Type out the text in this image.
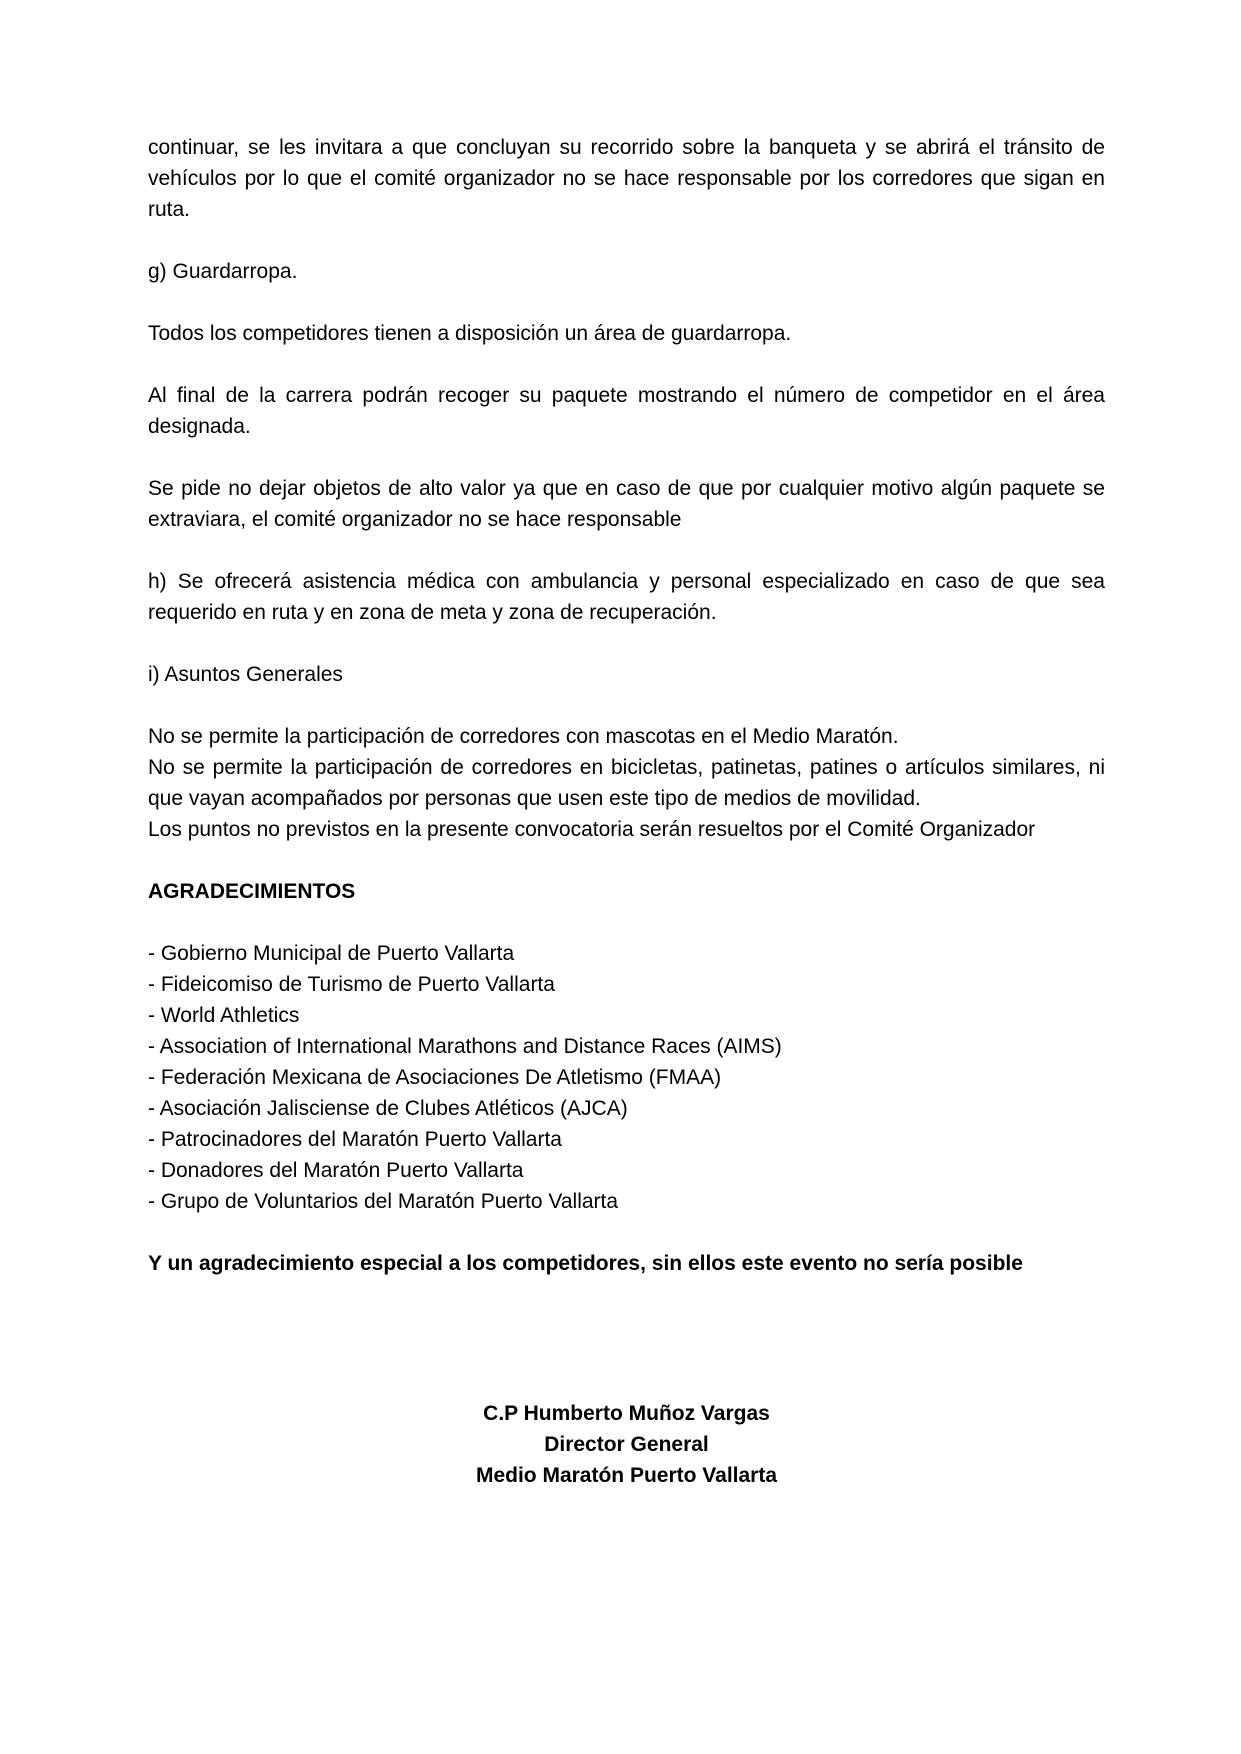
continuar, se les invitara a que concluyan su recorrido sobre la banqueta y se abrirá el tránsito de vehículos por lo que el comité organizador no se hace responsable por los corredores que sigan en ruta.

g) Guardarropa.

Todos los competidores tienen a disposición un área de guardarropa.

Al final de la carrera podrán recoger su paquete mostrando el número de competidor en el área designada.

Se pide no dejar objetos de alto valor ya que en caso de que por cualquier motivo algún paquete se extraviara, el comité organizador no se hace responsable

h) Se ofrecerá asistencia médica con ambulancia y personal especializado en caso de que sea requerido en ruta y en zona de meta y zona de recuperación.

i) Asuntos Generales

No se permite la participación de corredores con mascotas en el Medio Maratón.

No se permite la participación de corredores en bicicletas, patinetas, patines o artículos similares, ni que vayan acompañados por personas que usen este tipo de medios de movilidad.

Los puntos no previstos en la presente convocatoria serán resueltos por el Comité Organizador

AGRADECIMIENTOS
- Gobierno Municipal de Puerto Vallarta
- Fideicomiso de Turismo de Puerto Vallarta
- World Athletics
- Association of International Marathons and Distance Races (AIMS)
- Federación Mexicana de Asociaciones De Atletismo (FMAA)
- Asociación Jalisciense de Clubes Atléticos (AJCA)
- Patrocinadores del Maratón Puerto Vallarta
- Donadores del Maratón Puerto Vallarta
- Grupo de Voluntarios del Maratón Puerto Vallarta

Y un agradecimiento especial a los competidores, sin ellos este evento no sería posible

C.P Humberto Muñoz Vargas

Director General

Medio Maratón Puerto Vallarta
